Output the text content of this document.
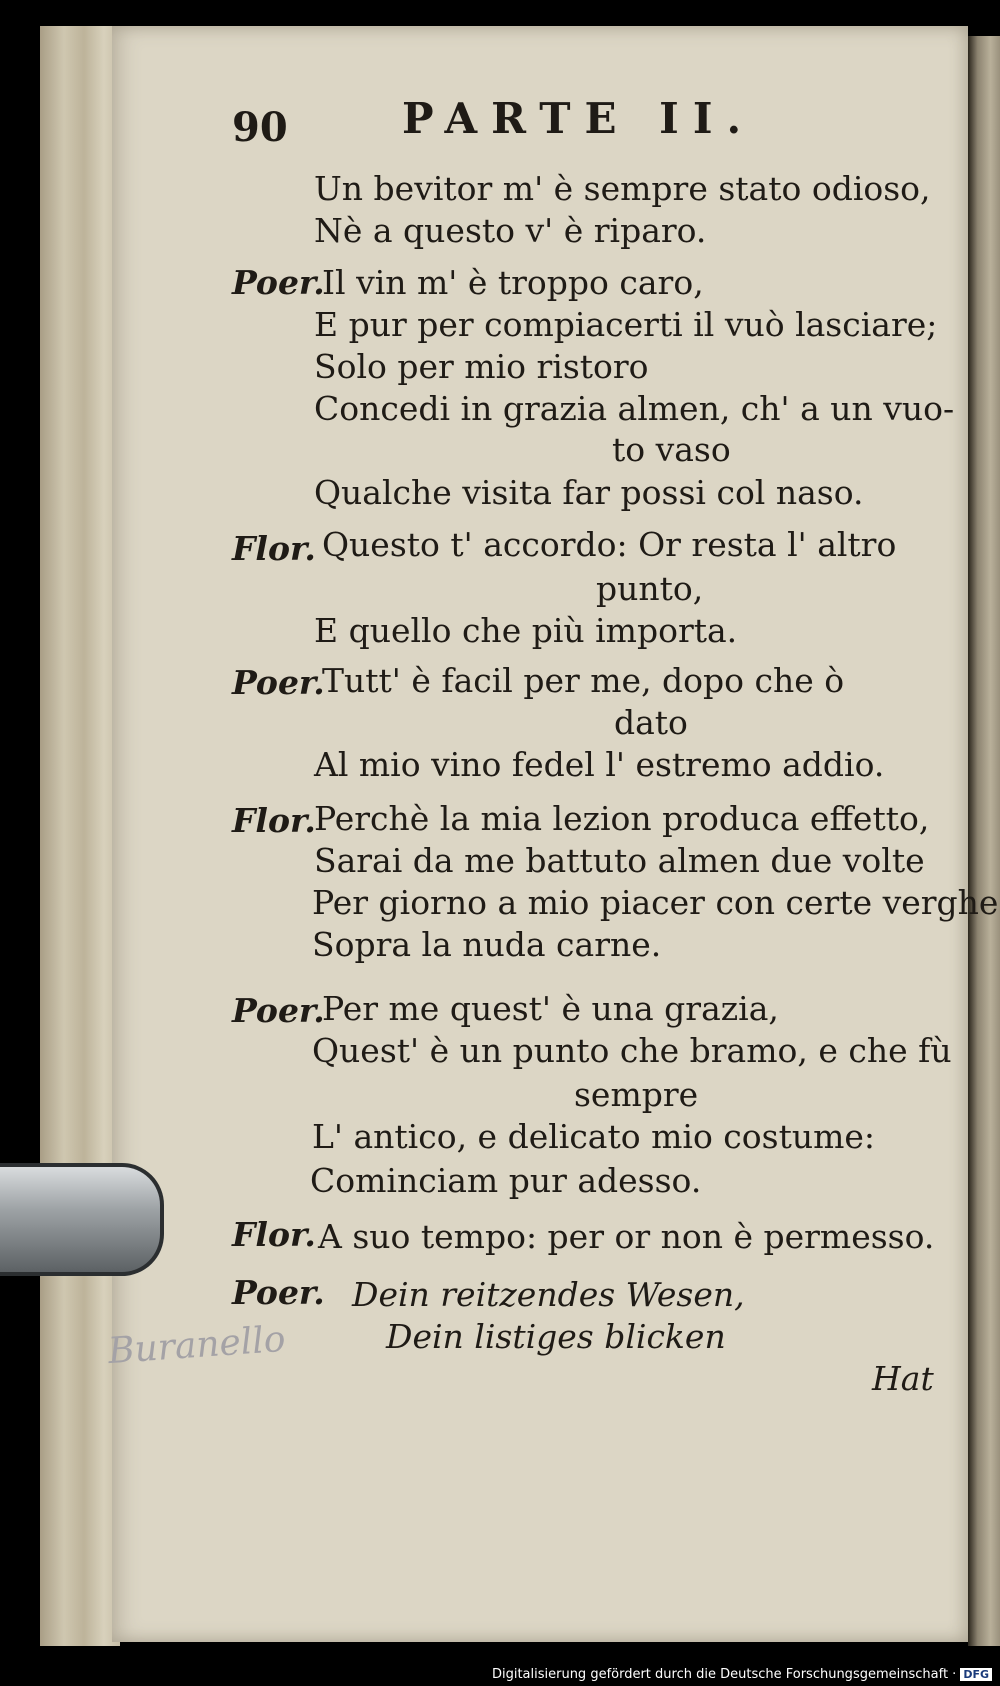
90	PARTE II.
Un bevitor m' è sempre stato odioso,
Nè a questo v' è riparo.
Poer.
Il vin m' è troppo caro,
E pur per compiacerti il vuò lasciare;
Solo per mio ristoro
Concedi in grazia almen, ch' a un vuo-
to vaso
Qualche visita far possi col naso.
Flor. Questo t' accordo: Or resta l' altro
punto,
E quello che più importa.
Poer.
Tutt' è facil per me, dopo che ò
dato
Al mio vino fedel l' estremo addio.
Flor.
Perchè la mia lezion produca effetto,
Sarai da me battuto almen due volte
Per giorno a mio piacer con certe verghe
Sopra la nuda carne.
Poer.
Per me quest' è una grazia,
Quest' è un punto che bramo, e che fù
sempre
L' antico, e delicato mio costume:
Cominciam pur adesso.
Flor. A suo tempo: per or non è permesso.
Poer. Dein reitzendes Wesen,
Dein listiges blicken
Hat
Buranello
Digitalisierung gefördert durch die Deutsche Forschungsgemeinschaft · DFG
